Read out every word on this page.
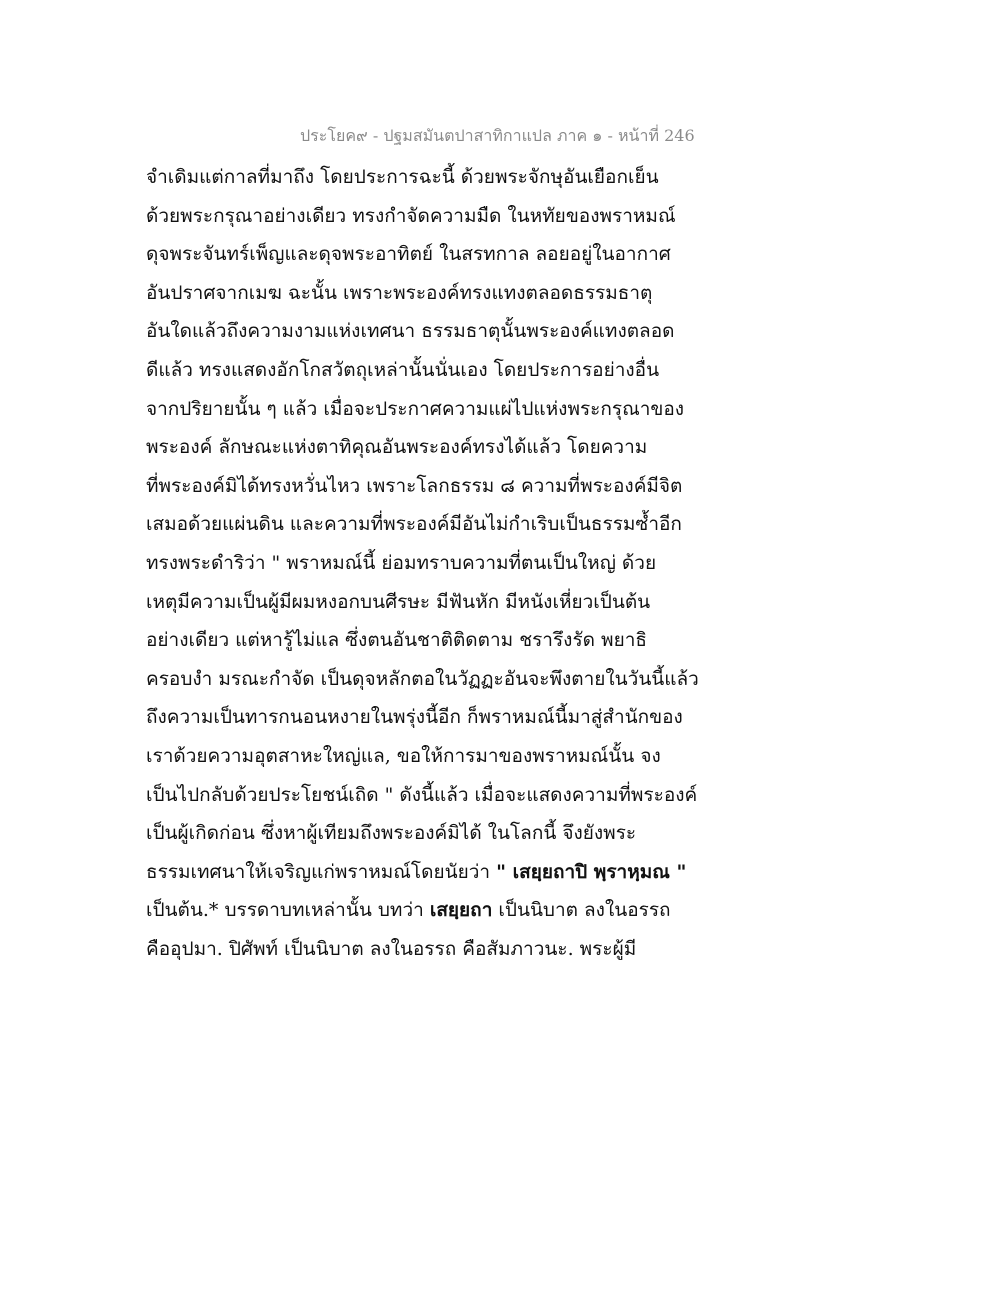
ประโยค๙ - ปฐมสมันตปาสาทิกาแปล ภาค ๑ - หน้าที่ 246
จำเดิมแต่กาลที่มาถึง โดยประการฉะนี้ ด้วยพระจักษุอันเยือกเย็น
ด้วยพระกรุณาอย่างเดียว ทรงกำจัดความมืด ในหทัยของพราหมณ์
ดุจพระจันทร์เพ็ญและดุจพระอาทิตย์ ในสรทกาล ลอยอยู่ในอากาศ
อันปราศจากเมฆ ฉะนั้น เพราะพระองค์ทรงแทงตลอดธรรมธาตุ
อันใดแล้วถึงความงามแห่งเทศนา ธรรมธาตุนั้นพระองค์แทงตลอด
ดีแล้ว ทรงแสดงอักโกสวัตถุเหล่านั้นนั่นเอง โดยประการอย่างอื่น
จากปริยายนั้น ๆ แล้ว เมื่อจะประกาศความแผ่ไปแห่งพระกรุณาของ
พระองค์ ลักษณะแห่งตาทิคุณอันพระองค์ทรงได้แล้ว โดยความ
ที่พระองค์มิได้ทรงหวั่นไหว เพราะโลกธรรม ๘ ความที่พระองค์มีจิต
เสมอด้วยแผ่นดิน และความที่พระองค์มีอันไม่กำเริบเป็นธรรมซ้ำอีก
ทรงพระดำริว่า " พราหมณ์นี้ ย่อมทราบความที่ตนเป็นใหญ่ ด้วย
เหตุมีความเป็นผู้มีผมหงอกบนศีรษะ มีฟันหัก มีหนังเหี่ยวเป็นต้น
อย่างเดียว แต่หารู้ไม่แล ซึ่งตนอันชาติติดตาม ชรารึงรัด พยาธิ
ครอบงำ มรณะกำจัด เป็นดุจหลักตอในวัฏฏะอันจะพึงตายในวันนี้แล้ว
ถึงความเป็นทารกนอนหงายในพรุ่งนี้อีก ก็พราหมณ์นี้มาสู่สำนักของ
เราด้วยความอุตสาหะใหญ่แล, ขอให้การมาของพราหมณ์นั้น จง
เป็นไปกลับด้วยประโยชน์เถิด " ดังนี้แล้ว เมื่อจะแสดงความที่พระองค์
เป็นผู้เกิดก่อน ซึ่งหาผู้เทียมถึงพระองค์มิได้ ในโลกนี้ จึงยังพระ
ธรรมเทศนาให้เจริญแก่พราหมณ์โดยนัยว่า " เสยฺยถาปิ พฺราหฺมณ "
เป็นต้น.* บรรดาบทเหล่านั้น บทว่า เสยฺยถา เป็นนิบาต ลงในอรรถ
คืออุปมา. ปิศัพท์ เป็นนิบาต ลงในอรรถ คือสัมภาวนะ. พระผู้มี
